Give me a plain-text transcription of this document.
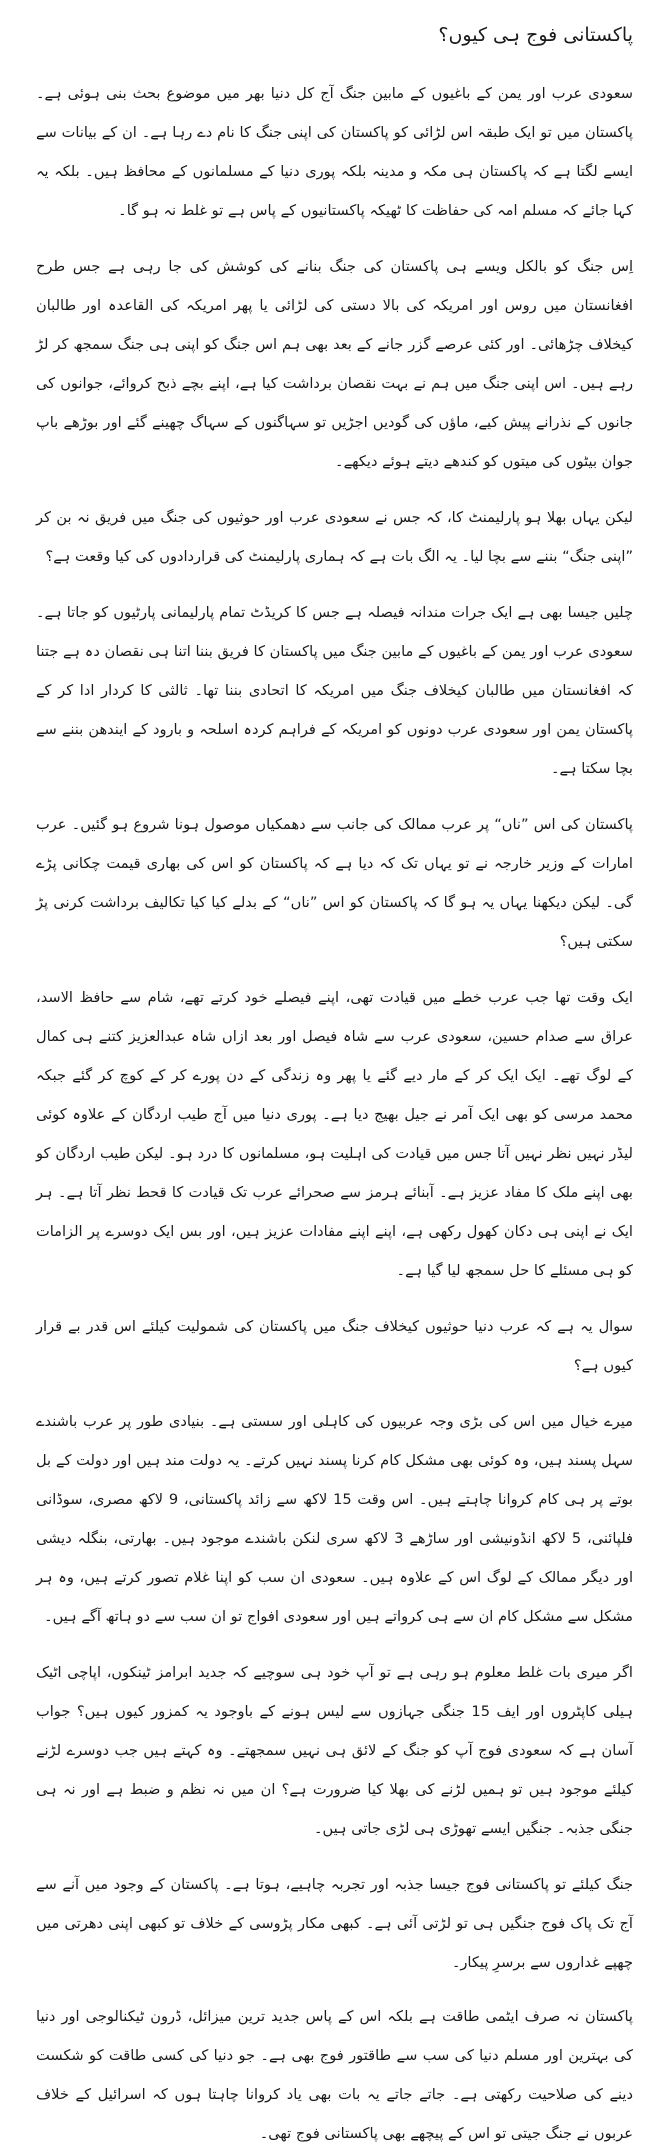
پاکستانی فوج ہی کیوں؟

سعودی عرب اور یمن کے باغیوں کے مابین جنگ آج کل دنیا بھر میں موضوع بحث بنی ہوئی ہے۔ پاکستان میں تو ایک طبقہ اس لڑائی کو پاکستان کی اپنی جنگ کا نام دے رہا ہے۔ ان کے بیانات سے ایسے لگتا ہے کہ پاکستان ہی مکہ و مدینہ بلکہ پوری دنیا کے مسلمانوں کے محافظ ہیں۔ بلکہ یہ کہا جائے کہ مسلم امہ کی حفاظت کا ٹھیکہ پاکستانیوں کے پاس ہے تو غلط نہ ہو گا۔

اِس جنگ کو بالکل ویسے ہی پاکستان کی جنگ بنانے کی کوشش کی جا رہی ہے جس طرح افغانستان میں روس اور امریکہ کی بالا دستی کی لڑائی یا پھر امریکہ کی القاعدہ اور طالبان کیخلاف چڑھائی۔ اور کئی عرصے گزر جانے کے بعد بھی ہم اس جنگ کو اپنی ہی جنگ سمجھ کر لڑ رہے ہیں۔ اس اپنی جنگ میں ہم نے بہت نقصان برداشت کیا ہے، اپنے بچے ذبح کروائے، جوانوں کی جانوں کے نذرانے پیش کیے، ماؤں کی گودیں اجڑیں تو سہاگنوں کے سہاگ چھینے گئے اور بوڑھے باپ جوان بیٹوں کی میتوں کو کندھے دیتے ہوئے دیکھے۔

لیکن یہاں بھلا ہو پارلیمنٹ کا، کہ جس نے سعودی عرب اور حوثیوں کی جنگ میں فریق نہ بن کر ”اپنی جنگ“ بننے سے بچا لیا۔ یہ الگ بات ہے کہ ہماری پارلیمنٹ کی قراردادوں کی کیا وقعت ہے؟

چلیں جیسا بھی ہے ایک جرات مندانہ فیصلہ ہے جس کا کریڈٹ تمام پارلیمانی پارٹیوں کو جاتا ہے۔ سعودی عرب اور یمن کے باغیوں کے مابین جنگ میں پاکستان کا فریق بننا اتنا ہی نقصان دہ ہے جتنا کہ افغانستان میں طالبان کیخلاف جنگ میں امریکہ کا اتحادی بننا تھا۔ ثالثی کا کردار ادا کر کے پاکستان یمن اور سعودی عرب دونوں کو امریکہ کے فراہم کردہ اسلحہ و بارود کے ایندھن بننے سے بچا سکتا ہے۔

پاکستان کی اس ”ناں“ پر عرب ممالک کی جانب سے دھمکیاں موصول ہونا شروع ہو گئیں۔ عرب امارات کے وزیر خارجہ نے تو یہاں تک کہ دیا ہے کہ پاکستان کو اس کی بھاری قیمت چکانی پڑے گی۔ لیکن دیکھنا یہاں یہ ہو گا کہ پاکستان کو اس ”ناں“ کے بدلے کیا کیا تکالیف برداشت کرنی پڑ سکتی ہیں؟

ایک وقت تھا جب عرب خطے میں قیادت تھی، اپنے فیصلے خود کرتے تھے، شام سے حافظ الاسد، عراق سے صدام حسین، سعودی عرب سے شاہ فیصل اور بعد ازاں شاہ عبدالعزیز کتنے ہی کمال کے لوگ تھے۔ ایک ایک کر کے مار دیے گئے یا پھر وہ زندگی کے دن پورے کر کے کوچ کر گئے جبکہ محمد مرسی کو بھی ایک آمر نے جیل بھیج دیا ہے۔ پوری دنیا میں آج طیب اردگان کے علاوہ کوئی لیڈر نہیں نظر نہیں آتا جس میں قیادت کی اہلیت ہو، مسلمانوں کا درد ہو۔ لیکن طیب اردگان کو بھی اپنے ملک کا مفاد عزیز ہے۔ آبنائے ہرمز سے صحرائے عرب تک قیادت کا قحط نظر آتا ہے۔ ہر ایک نے اپنی ہی دکان کھول رکھی ہے، اپنے اپنے مفادات عزیز ہیں، اور بس ایک دوسرے پر الزامات کو ہی مسئلے کا حل سمجھ لیا گیا ہے۔

سوال یہ ہے کہ عرب دنیا حوثیوں کیخلاف جنگ میں پاکستان کی شمولیت کیلئے اس قدر بے قرار کیوں ہے؟

میرے خیال میں اس کی بڑی وجہ عربیوں کی کاہلی اور سستی ہے۔ بنیادی طور پر عرب باشندے سہل پسند ہیں، وہ کوئی بھی مشکل کام کرنا پسند نہیں کرتے۔ یہ دولت مند ہیں اور دولت کے بل بوتے پر ہی کام کروانا چاہتے ہیں۔ اس وقت 15 لاکھ سے زائد پاکستانی، 9 لاکھ مصری، سوڈانی فلپائنی، 5 لاکھ انڈونیشی اور ساڑھے 3 لاکھ سری لنکن باشندے موجود ہیں۔ بھارتی، بنگلہ دیشی اور دیگر ممالک کے لوگ اس کے علاوہ ہیں۔ سعودی ان سب کو اپنا غلام تصور کرتے ہیں، وہ ہر مشکل سے مشکل کام ان سے ہی کرواتے ہیں اور سعودی افواج تو ان سب سے دو ہاتھ آگے ہیں۔

اگر میری بات غلط معلوم ہو رہی ہے تو آپ خود ہی سوچیے کہ جدید ابرامز ٹینکوں، اپاچی اٹیک ہیلی کاپٹروں اور ایف 15 جنگی جہازوں سے لیس ہونے کے باوجود یہ کمزور کیوں ہیں؟ جواب آسان ہے کہ سعودی فوج آپ کو جنگ کے لائق ہی نہیں سمجھتے۔ وہ کہتے ہیں جب دوسرے لڑنے کیلئے موجود ہیں تو ہمیں لڑنے کی بھلا کیا ضرورت ہے؟ ان میں نہ نظم و ضبط ہے اور نہ ہی جنگی جذبہ۔ جنگیں ایسے تھوڑی ہی لڑی جاتی ہیں۔

جنگ کیلئے تو پاکستانی فوج جیسا جذبہ اور تجربہ چاہیے، ہوتا ہے۔ پاکستان کے وجود میں آنے سے آج تک پاک فوج جنگیں ہی تو لڑتی آئی ہے۔ کبھی مکار پڑوسی کے خلاف تو کبھی اپنی دھرتی میں چھپے غداروں سے برسرِ پیکار۔

پاکستان نہ صرف ایٹمی طاقت ہے بلکہ اس کے پاس جدید ترین میزائل، ڈرون ٹیکنالوجی اور دنیا کی بہترین اور مسلم دنیا کی سب سے طاقتور فوج بھی ہے۔ جو دنیا کی کسی طاقت کو شکست دینے کی صلاحیت رکھتی ہے۔ جاتے جاتے یہ بات بھی یاد کروانا چاہتا ہوں کہ اسرائیل کے خلاف عربوں نے جنگ جیتی تو اس کے پیچھے بھی پاکستانی فوج تھی۔
